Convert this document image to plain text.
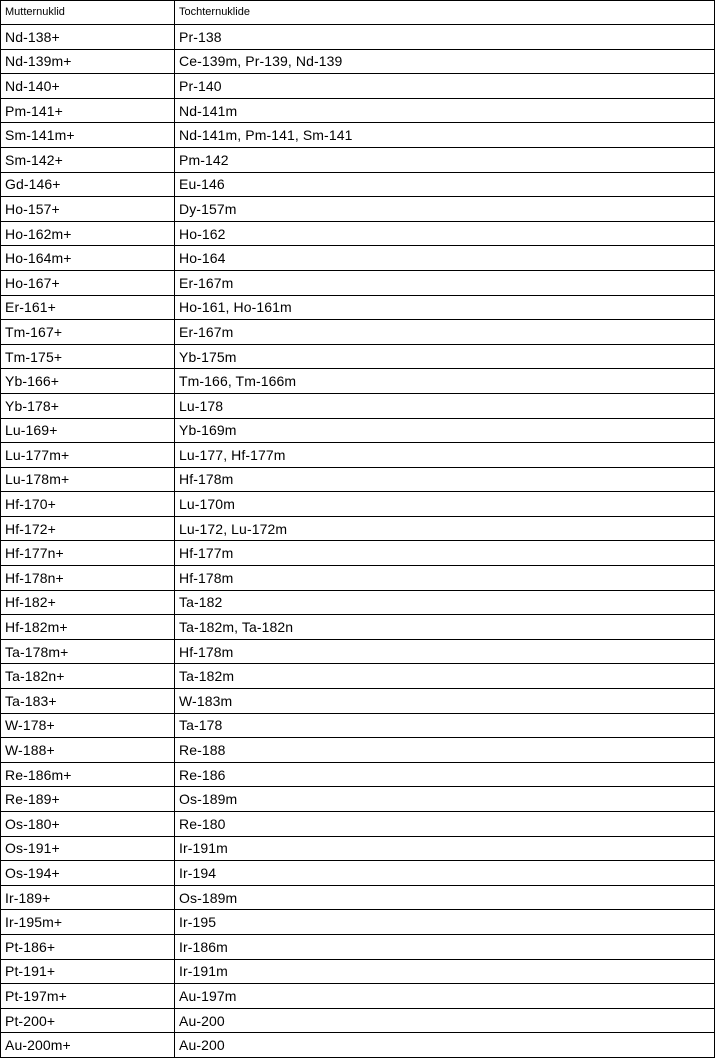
Mutternuklid	Tochternuklide
Nd-138+	Pr-138
Nd-139m+	Ce-139m, Pr-139, Nd-139
Nd-140+	Pr-140
Pm-141+	Nd-141m
Sm-141m+	Nd-141m, Pm-141, Sm-141
Sm-142+	Pm-142
Gd-146+	Eu-146
Ho-157+	Dy-157m
Ho-162m+	Ho-162
Ho-164m+	Ho-164
Ho-167+	Er-167m
Er-161+	Ho-161, Ho-161m
Tm-167+	Er-167m
Tm-175+	Yb-175m
Yb-166+	Tm-166, Tm-166m
Yb-178+	Lu-178
Lu-169+	Yb-169m
Lu-177m+	Lu-177, Hf-177m
Lu-178m+	Hf-178m
Hf-170+	Lu-170m
Hf-172+	Lu-172, Lu-172m
Hf-177n+	Hf-177m
Hf-178n+	Hf-178m
Hf-182+	Ta-182
Hf-182m+	Ta-182m, Ta-182n
Ta-178m+	Hf-178m
Ta-182n+	Ta-182m
Ta-183+	W-183m
W-178+	Ta-178
W-188+	Re-188
Re-186m+	Re-186
Re-189+	Os-189m
Os-180+	Re-180
Os-191+	Ir-191m
Os-194+	Ir-194
Ir-189+	Os-189m
Ir-195m+	Ir-195
Pt-186+	Ir-186m
Pt-191+	Ir-191m
Pt-197m+	Au-197m
Pt-200+	Au-200
Au-200m+	Au-200
